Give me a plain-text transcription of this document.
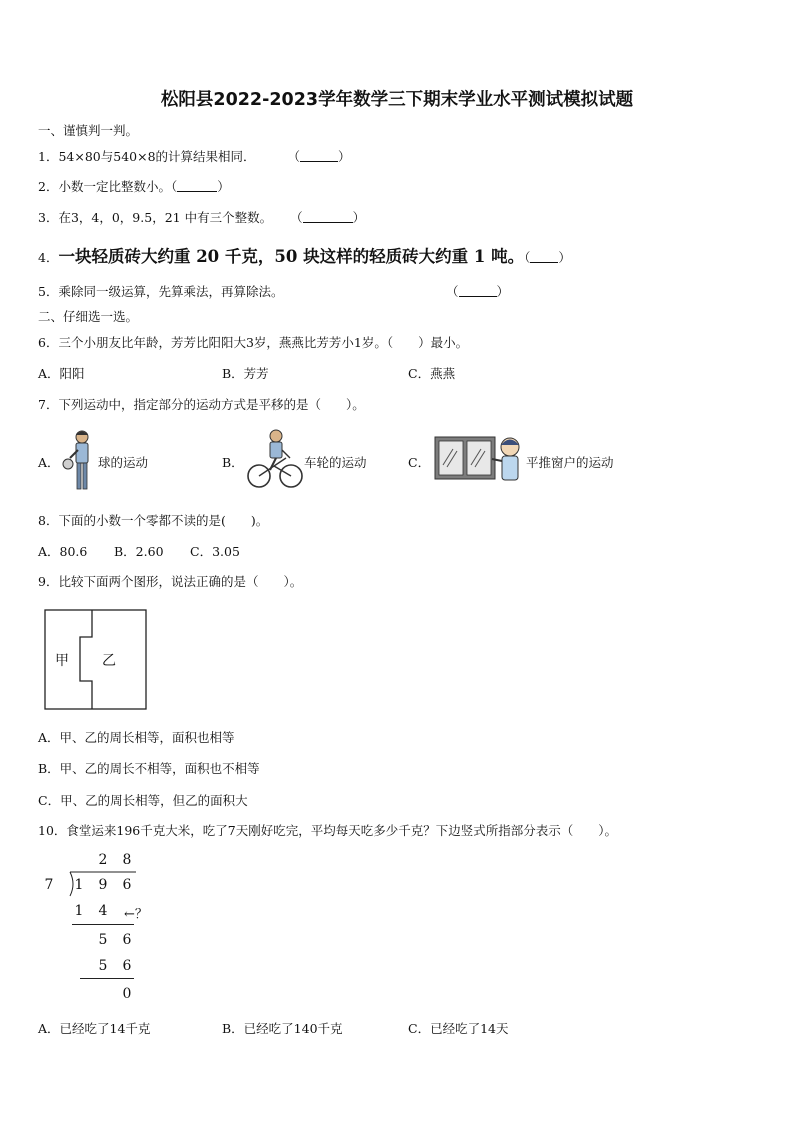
松阳县2022-2023学年数学三下期末学业水平测试模拟试题
一、谨慎判一判。
1．54×80与540×8的计算结果相同．	（	）
2．小数一定比整数小。（	）
3．在3，4，0，9.5，21 中有三个整数。 （	）
4．一块轻质砖大约重 20 千克，50 块这样的轻质砖大约重 1 吨。（ ）
5．乘除同一级运算，先算乘法，再算除法。	（	）
二、仔细选一选。
6．三个小朋友比年龄，芳芳比阳阳大3岁，燕燕比芳芳小1岁。（　　）最小。
A．阳阳	B．芳芳	C．燕燕
7．下列运动中，指定部分的运动方式是平移的是（　　）。
A．	球的运动	B．	车轮的运动	C．	平推窗户的运动
8．下面的小数一个零都不读的是(　　)。
A．80.6 B．2.60 C．3.05
9．比较下面两个图形，说法正确的是（　　）。
甲 乙
A．甲、乙的周长相等，面积也相等
B．甲、乙的周长不相等，面积也不相等
C．甲、乙的周长相等，但乙的面积大
10．食堂运来196千克大米，吃了7天刚好吃完，平均每天吃多少千克？下边竖式所指部分表示（　　）。
2	8
7	1	9	6
1	4	←？
5	6
5	6
0
A．已经吃了14千克	B．已经吃了140千克	C．已经吃了14天
